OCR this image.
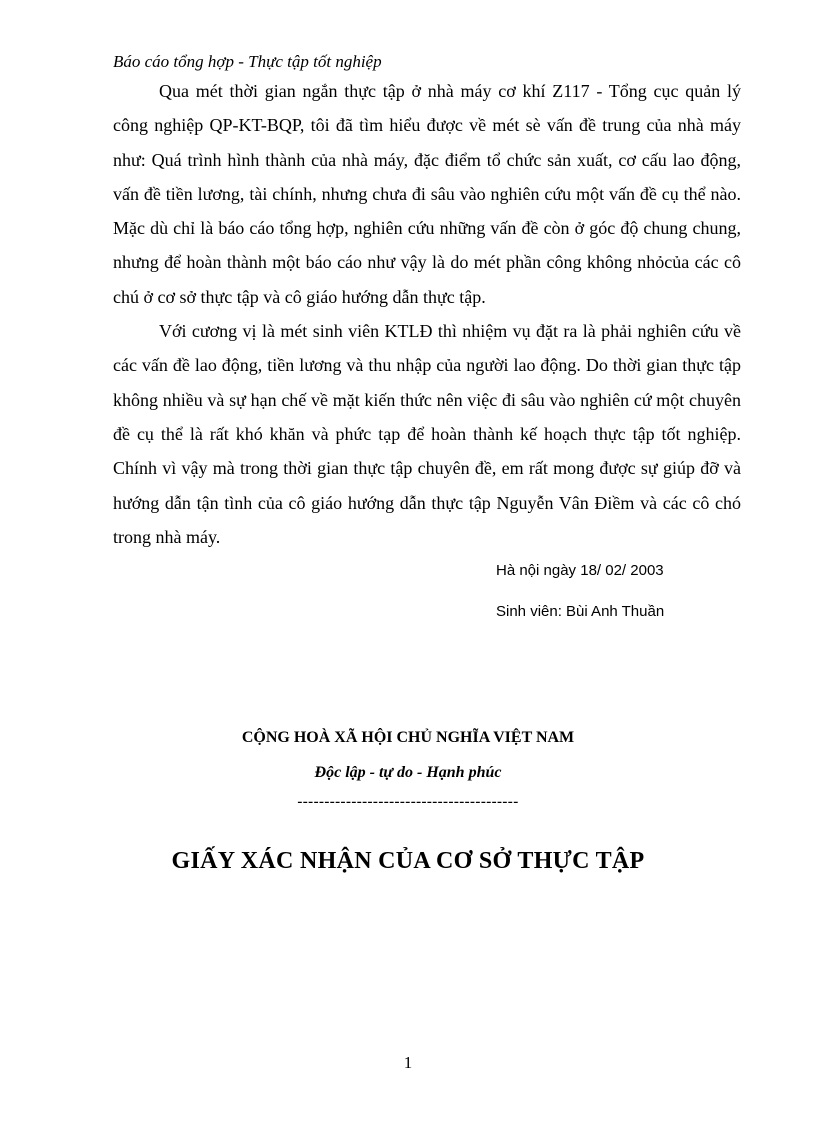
Báo cáo tổng hợp - Thực tập tốt nghiệp

Qua mét thời gian ngắn thực tập ở nhà máy cơ khí Z117 - Tổng cục quản lý công nghiệp QP-KT-BQP, tôi đã tìm hiểu được về mét sè vấn đề trung của nhà máy như: Quá trình hình thành của nhà máy, đặc điểm tổ chức sản xuất, cơ cấu lao động, vấn đề tiền lương, tài chính, nhưng chưa đi sâu vào nghiên cứu một vấn đề cụ thể nào. Mặc dù chỉ là báo cáo tổng hợp, nghiên cứu những vấn đề còn ở góc độ chung chung, nhưng để hoàn thành một báo cáo như vậy là do mét phần công không nhỏcủa các cô chú ở cơ sở thực tập và cô giáo hướng dẫn thực tập.

Với cương vị là mét sinh viên KTLĐ thì nhiệm vụ đặt ra là phải nghiên cứu về các vấn đề lao động, tiền lương và thu nhập của người lao động. Do thời gian thực tập không nhiều và sự hạn chế về mặt kiến thức nên việc đi sâu vào nghiên cứ một chuyên đề cụ thể là rất khó khăn và phức tạp để hoàn thành kế hoạch thực tập tốt nghiệp. Chính vì vậy mà trong thời gian thực tập chuyên đề, em rất mong được sự giúp đỡ và hướng dẫn tận tình của cô giáo hướng dẫn thực tập Nguyễn Vân Điềm và các cô chó trong nhà máy.

Hà nội ngày 18/ 02/ 2003

Sinh viên: Bùi Anh Thuần

CỘNG HOÀ XÃ HỘI CHỦ NGHĨA VIỆT NAM

Độc lập - tự do - Hạnh phúc

-----------------------------------------

GIẤY XÁC NHẬN CỦA CƠ SỞ THỰC TẬP

1
